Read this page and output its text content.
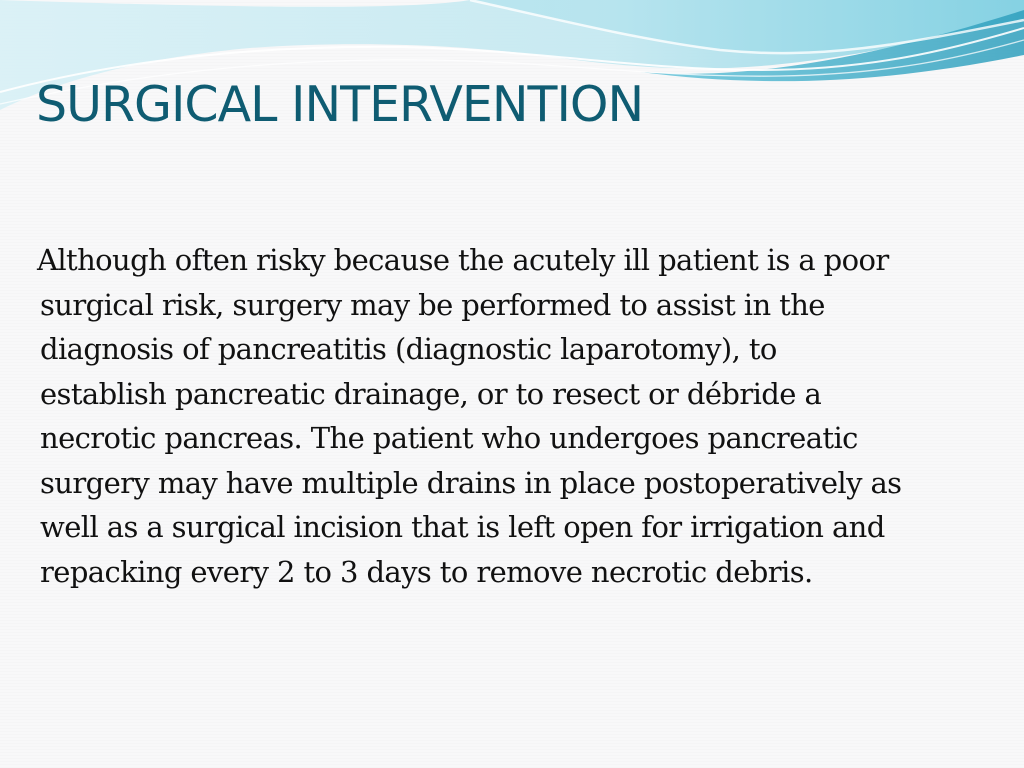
SURGICAL INTERVENTION

Although often risky because the acutely ill patient is a poor
surgical risk, surgery may be performed to assist in the
diagnosis of pancreatitis (diagnostic laparotomy), to
establish pancreatic drainage, or to resect or débride a
necrotic pancreas. The patient who undergoes pancreatic
surgery may have multiple drains in place postoperatively as
well as a surgical incision that is left open for irrigation and
repacking every 2 to 3 days to remove necrotic debris.
